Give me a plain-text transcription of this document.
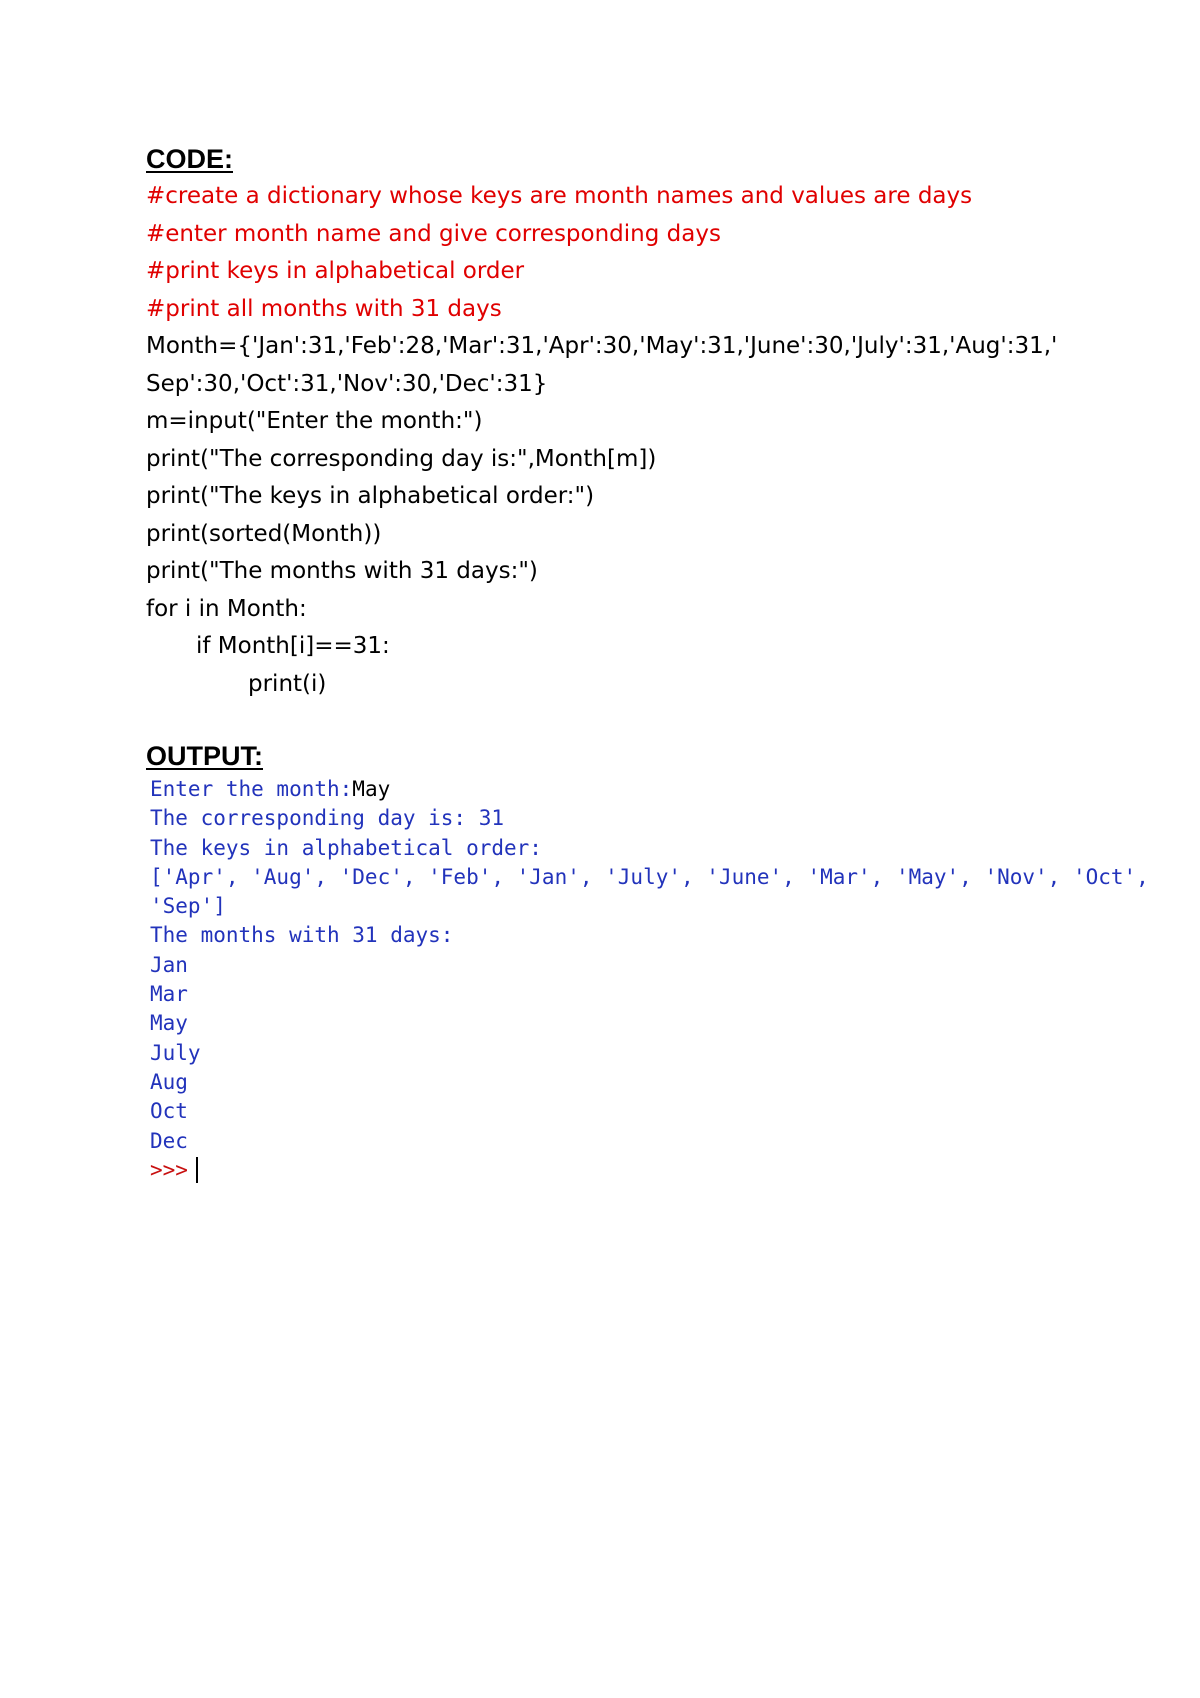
CODE:

#create a dictionary whose keys are month names and values are days

#enter month name and give corresponding days

#print keys in alphabetical order

#print all months with 31 days

Month={'Jan':31,'Feb':28,'Mar':31,'Apr':30,'May':31,'June':30,'July':31,'Aug':31,'

Sep':30,'Oct':31,'Nov':30,'Dec':31}

m=input("Enter the month:")

print("The corresponding day is:",Month[m])

print("The keys in alphabetical order:")

print(sorted(Month))

print("The months with 31 days:")

for i in Month:

if Month[i]==31:

print(i)

OUTPUT:

Enter the month:May

The corresponding day is: 31

The keys in alphabetical order:

['Apr', 'Aug', 'Dec', 'Feb', 'Jan', 'July', 'June', 'Mar', 'May', 'Nov', 'Oct',

'Sep']

The months with 31 days:

Jan

Mar

May

July

Aug

Oct

Dec

>>>
